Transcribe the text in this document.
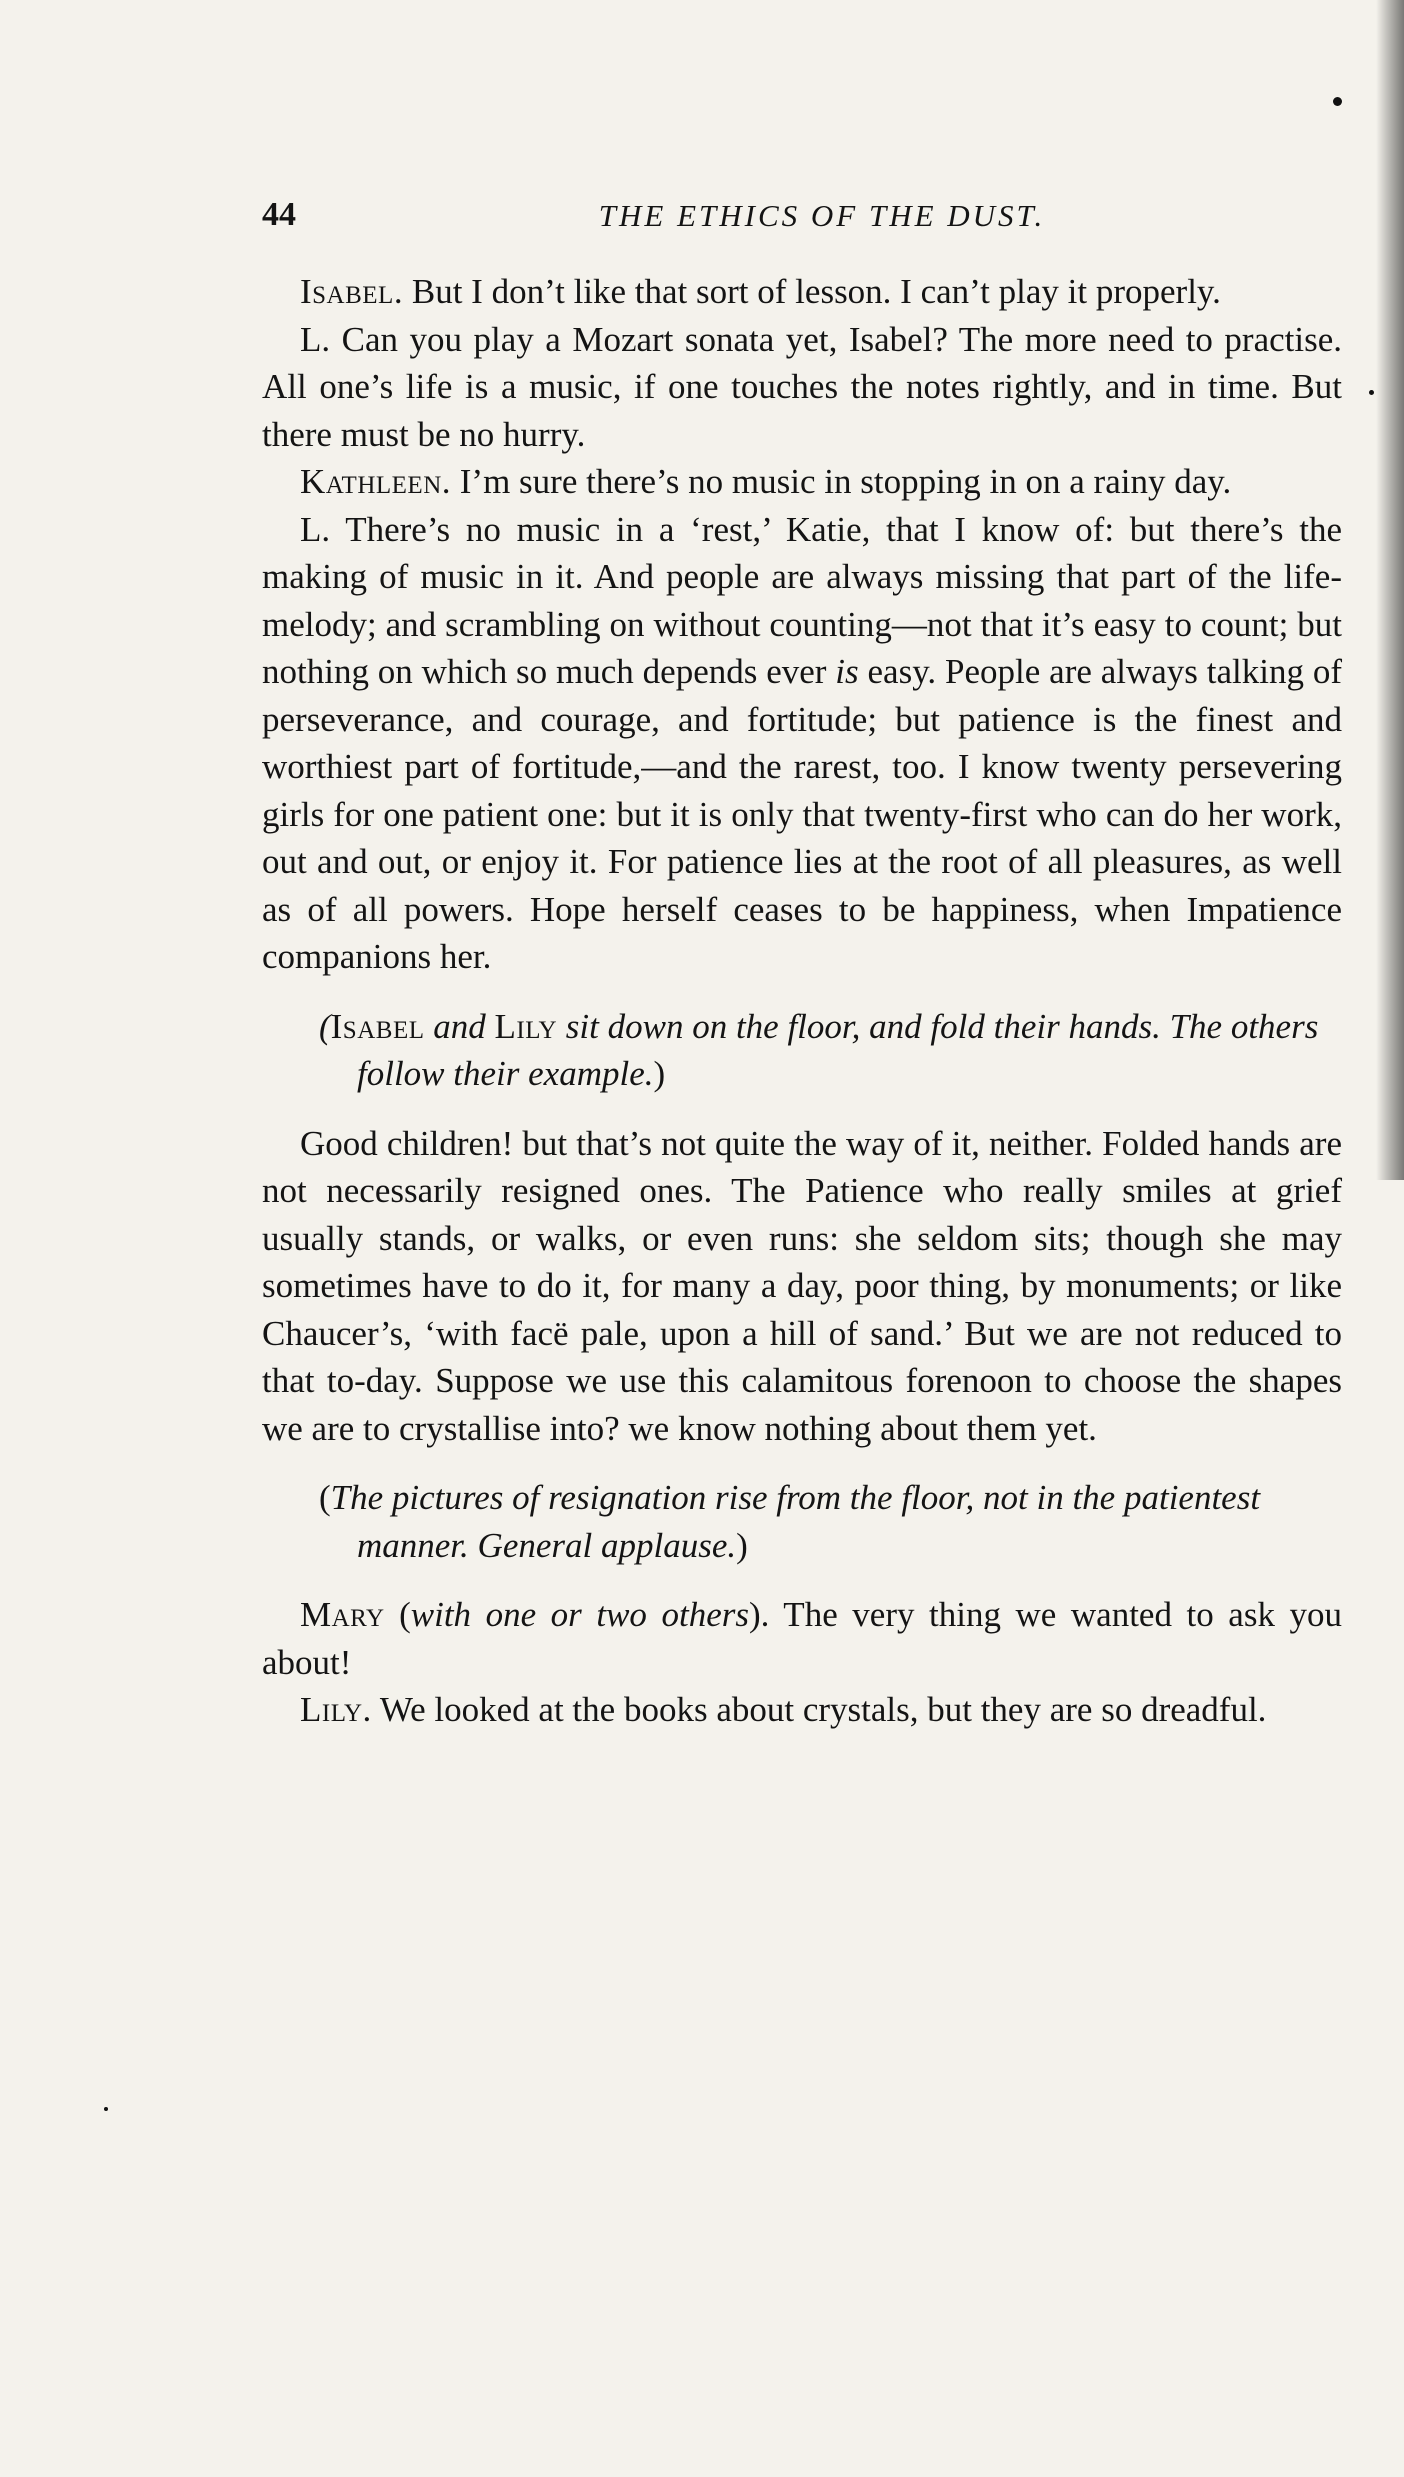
44	THE ETHICS OF THE DUST.

Isabel. But I don’t like that sort of lesson. I can’t play it properly.

L. Can you play a Mozart sonata yet, Isabel? The more need to practise. All one’s life is a music, if one touches the notes rightly, and in time. But there must be no hurry.

Kathleen. I’m sure there’s no music in stopping in on a rainy day.

L. There’s no music in a ‘rest,’ Katie, that I know of: but there’s the making of music in it. And people are always missing that part of the life-melody; and scrambling on without counting—not that it’s easy to count; but nothing on which so much depends ever is easy. People are always talking of perseverance, and courage, and fortitude; but patience is the finest and worthiest part of fortitude,—and the rarest, too. I know twenty persevering girls for one patient one: but it is only that twenty-first who can do her work, out and out, or enjoy it. For patience lies at the root of all pleasures, as well as of all powers. Hope herself ceases to be happiness, when Impatience companions her.

(Isabel and Lily sit down on the floor, and fold their hands. The others follow their example.)

Good children! but that’s not quite the way of it, neither. Folded hands are not necessarily resigned ones. The Patience who really smiles at grief usually stands, or walks, or even runs: she seldom sits; though she may sometimes have to do it, for many a day, poor thing, by monuments; or like Chaucer’s, ‘with facë pale, upon a hill of sand.’ But we are not reduced to that to-day. Suppose we use this calamitous forenoon to choose the shapes we are to crystallise into? we know nothing about them yet.

(The pictures of resignation rise from the floor, not in the patientest manner. General applause.)

Mary (with one or two others). The very thing we wanted to ask you about!

Lily. We looked at the books about crystals, but they are so dreadful.
